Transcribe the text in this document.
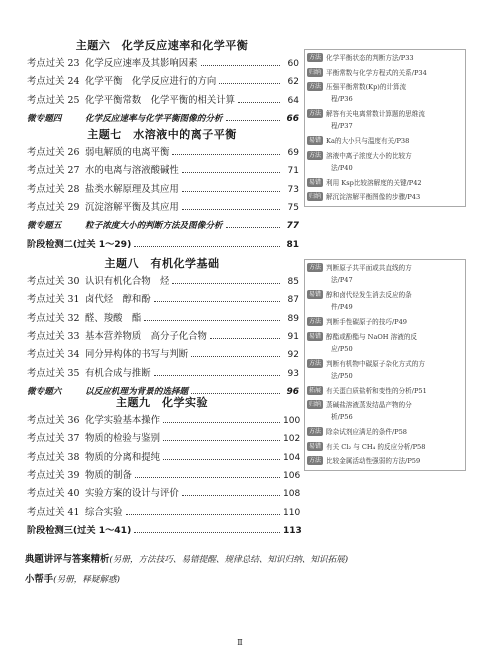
主题六　化学反应速率和化学平衡
考点过关 23 化学反应速率及其影响因素	60
考点过关 24 化学平衡　化学反应进行的方向	62
考点过关 25 化学平衡常数　化学平衡的相关计算	64
微专题四	化学反应速率与化学平衡图像的分析	66
主题七　水溶液中的离子平衡
考点过关 26 弱电解质的电离平衡	69
考点过关 27 水的电离与溶液酸碱性	71
考点过关 28 盐类水解原理及其应用	73
考点过关 29 沉淀溶解平衡及其应用	75
微专题五	粒子浓度大小的判断方法及图像分析	77
阶段检测二(过关 1～29)	81
主题八　有机化学基础
考点过关 30 认识有机化合物　烃	85
考点过关 31 卤代烃　醇和酚	87
考点过关 32 醛、羧酸　酯	89
考点过关 33 基本营养物质　高分子化合物	91
考点过关 34 同分异构体的书写与判断	92
考点过关 35 有机合成与推断	93
微专题六	以反应机理为背景的选择题	96
主题九　化学实验
考点过关 36 化学实验基本操作	100
考点过关 37 物质的检验与鉴别	102
考点过关 38 物质的分离和提纯	104
考点过关 39 物质的制备	106
考点过关 40 实验方案的设计与评价	108
考点过关 41 综合实验	110
阶段检测三(过关 1～41)	113
方法 化学平衡状态的判断方法/P33
归纳 平衡常数与化学方程式的关系/P34
方法 压强平衡常数(Kp)的计算流
程/P36
方法 解答有关电离常数计算题的思维流
程/P37
易错 Ka的大小只与温度有关/P38
方法 溶液中离子浓度大小的比较方
法/P40
易错 利用 Ksp比较溶解度的关键/P42
归纳 解沉淀溶解平衡图像的步骤/P43
方法 判断原子共平面或共直线的方
法/P47
易错 醇和卤代烃发生消去反应的条
件/P49
方法 判断手性碳原子的技巧/P49
易错 醇酯或酚酯与 NaOH 溶液的反
应/P50
方法 判断有机物中碳原子杂化方式的方
法/P50
拓展 有关蛋白质盐析和变性的分析/P51
归纳 蒸碱盐溶液蒸发结晶产物的分
析/P56
方法 除杂试剂应满足的条件/P58
易错 有关 Cl₂ 与 CH₄ 的反应分析/P58
方法 比较金属活动性强弱的方法/P59
典题讲评与答案精析(另册，方法技巧、易错提醒、规律总结、知识归纳、知识拓展)
小帮手(另册，释疑解惑)
Ⅱ
